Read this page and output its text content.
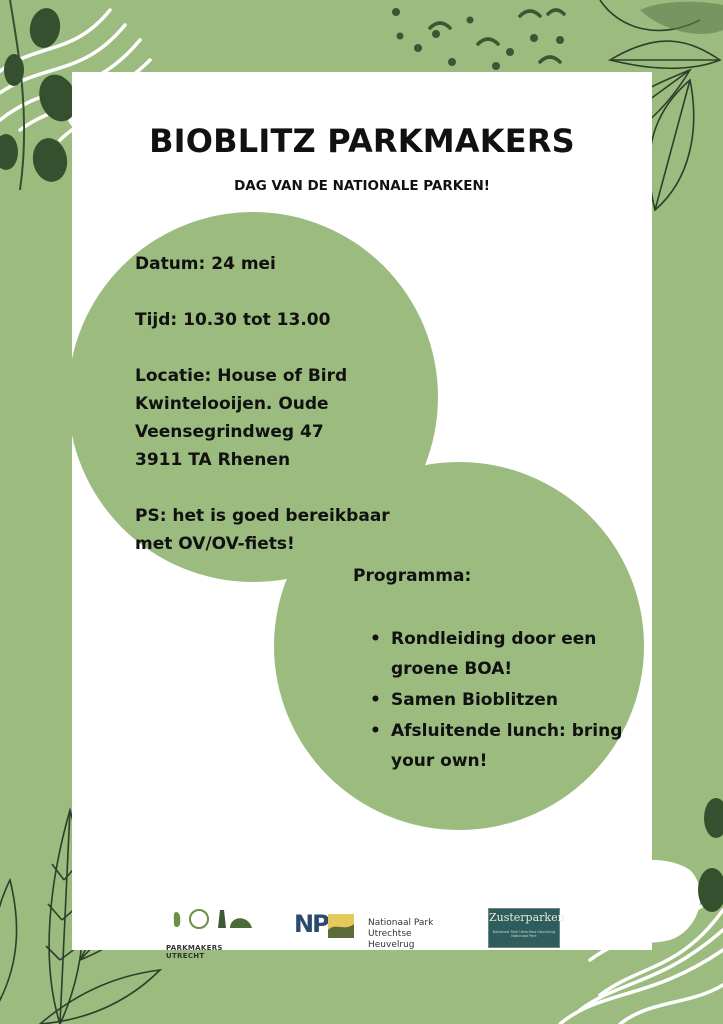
BIOBLITZ PARKMAKERS
DAG VAN DE NATIONALE PARKEN!

Datum: 24 mei

Tijd: 10.30 tot 13.00

Locatie: House of Bird
Kwintelooijen. Oude
Veensegrindweg 47
3911 TA Rhenen

PS: het is goed bereikbaar
met OV/OV-fiets!

Programma:
• Rondleiding door een
groene BOA!
• Samen Bioblitzen
• Afsluitende lunch: bring
your own!
PARKMAKERS UTRECHT
NP	Nationaal Park
Utrechtse Heuvelrug
Zusterparken
Nationaal Park Utrechtse Heuvelrug Nationaal Park
